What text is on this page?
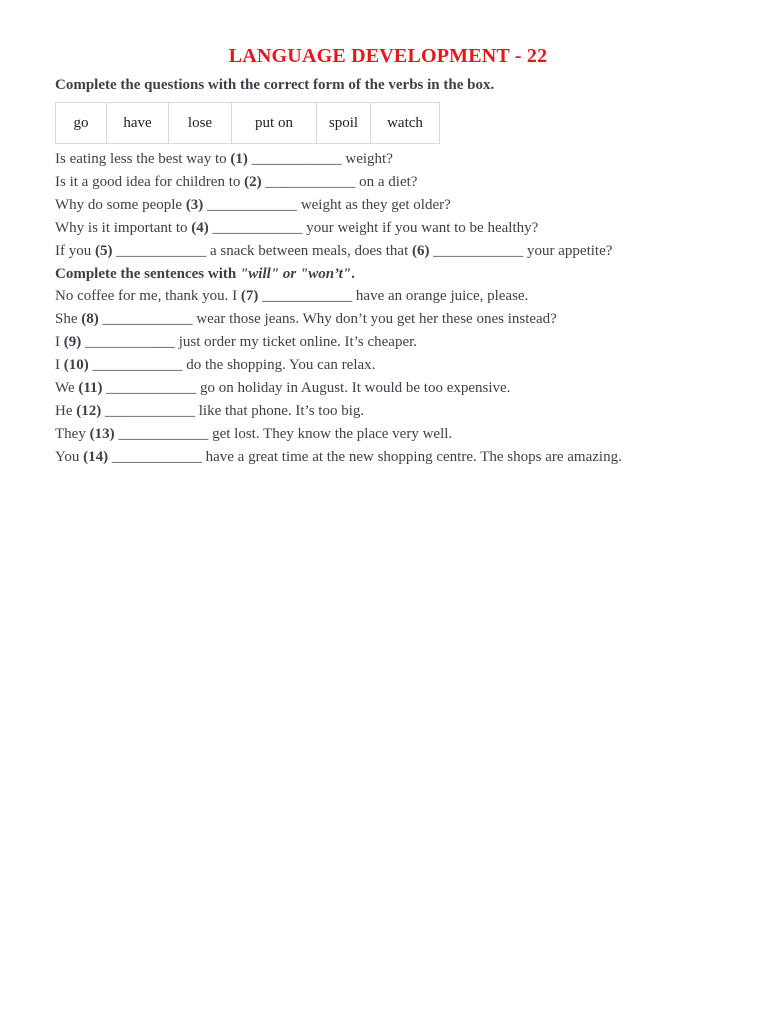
LANGUAGE DEVELOPMENT - 22
Complete the questions with the correct form of the verbs in the box.
go	have	lose	put on	spoil	watch
Is eating less the best way to (1) ____________ weight?
Is it a good idea for children to (2) ____________ on a diet?
Why do some people (3) ____________ weight as they get older?
Why is it important to (4) ____________ your weight if you want to be healthy?
If you (5) ____________ a snack between meals, does that (6) ____________ your appetite?
Complete the sentences with "will" or "won’t".
No coffee for me, thank you. I (7) ____________ have an orange juice, please.
She (8) ____________ wear those jeans. Why don’t you get her these ones instead?
I (9) ____________ just order my ticket online. It’s cheaper.
I (10) ____________ do the shopping. You can relax.
We (11) ____________ go on holiday in August. It would be too expensive.
He (12) ____________ like that phone. It’s too big.
They (13) ____________ get lost. They know the place very well.
You (14) ____________ have a great time at the new shopping centre. The shops are amazing.
